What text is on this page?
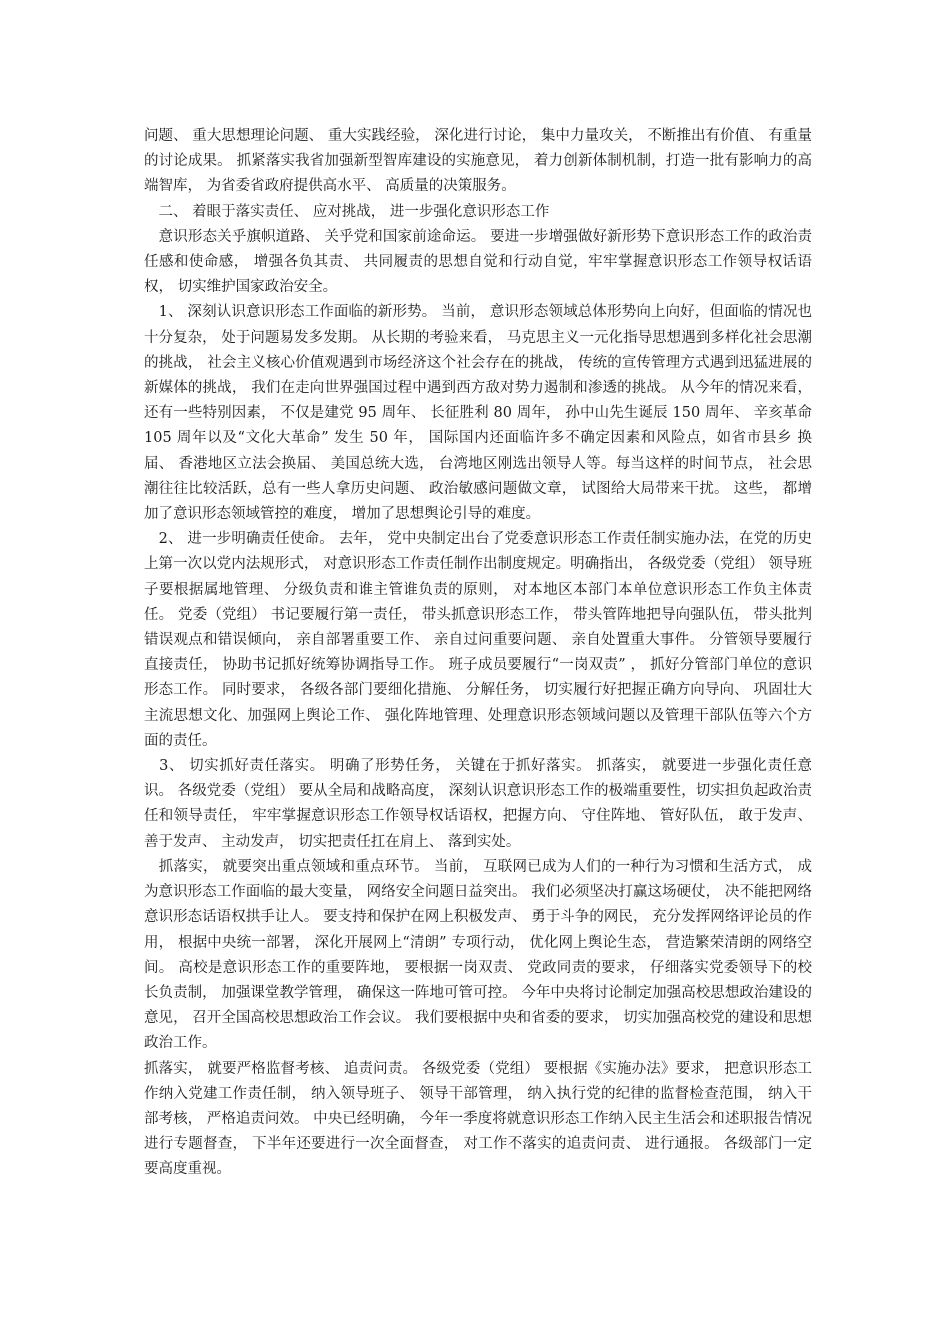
问题、 重大思想理论问题、 重大实践经验， 深化进行讨论， 集中力量攻关， 不断推出有价值、 有重量的讨论成果。 抓紧落实我省加强新型智库建设的实施意见， 着力创新体制机制，打造一批有影响力的高端智库， 为省委省政府提供高水平、 高质量的决策服务。

　二、 着眼于落实责任、 应对挑战， 进一步强化意识形态工作

　意识形态关乎旗帜道路、 关乎党和国家前途命运。 要进一步增强做好新形势下意识形态工作的政治责任感和使命感， 增强各负其责、 共同履责的思想自觉和行动自觉，牢牢掌握意识形态工作领导权话语权， 切实维护国家政治安全。

　1、 深刻认识意识形态工作面临的新形势。 当前， 意识形态领域总体形势向上向好，但面临的情况也十分复杂， 处于问题易发多发期。 从长期的考验来看， 马克思主义一元化指导思想遇到多样化社会思潮的挑战， 社会主义核心价值观遇到市场经济这个社会存在的挑战， 传统的宣传管理方式遇到迅猛进展的新媒体的挑战， 我们在走向世界强国过程中遇到西方敌对势力遏制和渗透的挑战。 从今年的情况来看， 还有一些特别因素， 不仅是建党 95 周年、 长征胜利 80 周年， 孙中山先生诞辰 150 周年、 辛亥革命105 周年以及“文化大革命” 发生 50 年， 国际国内还面临许多不确定因素和风险点，如省市县乡 换届、 香港地区立法会换届、 美国总统大选， 台湾地区刚选出领导人等。每当这样的时间节点， 社会思潮往往比较活跃，总有一些人拿历史问题、 政治敏感问题做文章， 试图给大局带来干扰。 这些， 都增加了意识形态领域管控的难度， 增加了思想舆论引导的难度。

　2、 进一步明确责任使命。 去年， 党中央制定出台了党委意识形态工作责任制实施办法，在党的历史上第一次以党内法规形式， 对意识形态工作责任制作出制度规定。明确指出， 各级党委（党组） 领导班子要根据属地管理、 分级负责和谁主管谁负责的原则， 对本地区本部门本单位意识形态工作负主体责任。 党委（党组） 书记要履行第一责任， 带头抓意识形态工作， 带头管阵地把导向强队伍， 带头批判错误观点和错误倾向， 亲自部署重要工作、 亲自过问重要问题、 亲自处置重大事件。 分管领导要履行直接责任， 协助书记抓好统筹协调指导工作。 班子成员要履行“一岗双责” ， 抓好分管部门单位的意识形态工作。 同时要求， 各级各部门要细化措施、 分解任务， 切实履行好把握正确方向导向、 巩固壮大主流思想文化、加强网上舆论工作、 强化阵地管理、处理意识形态领域问题以及管理干部队伍等六个方面的责任。

　3、 切实抓好责任落实。 明确了形势任务， 关键在于抓好落实。 抓落实， 就要进一步强化责任意识。 各级党委（党组） 要从全局和战略高度， 深刻认识意识形态工作的极端重要性，切实担负起政治责任和领导责任， 牢牢掌握意识形态工作领导权话语权，把握方向、 守住阵地、 管好队伍， 敢于发声、 善于发声、 主动发声， 切实把责任扛在肩上、 落到实处。

　抓落实， 就要突出重点领域和重点环节。 当前， 互联网已成为人们的一种行为习惯和生活方式， 成为意识形态工作面临的最大变量， 网络安全问题日益突出。 我们必须坚决打赢这场硬仗， 决不能把网络意识形态话语权拱手让人。 要支持和保护在网上积极发声、 勇于斗争的网民， 充分发挥网络评论员的作用， 根据中央统一部署， 深化开展网上“清朗” 专项行动， 优化网上舆论生态， 营造繁荣清朗的网络空间。 高校是意识形态工作的重要阵地， 要根据一岗双责、 党政同责的要求， 仔细落实党委领导下的校长负责制， 加强课堂教学管理， 确保这一阵地可管可控。 今年中央将讨论制定加强高校思想政治建设的意见， 召开全国高校思想政治工作会议。 我们要根据中央和省委的要求， 切实加强高校党的建设和思想政治工作。

抓落实， 就要严格监督考核、 追责问责。 各级党委（党组） 要根据《实施办法》要求， 把意识形态工作纳入党建工作责任制， 纳入领导班子、 领导干部管理， 纳入执行党的纪律的监督检查范围， 纳入干部考核， 严格追责问效。 中央已经明确， 今年一季度将就意识形态工作纳入民主生活会和述职报告情况进行专题督查， 下半年还要进行一次全面督查， 对工作不落实的追责问责、 进行通报。 各级部门一定要高度重视。
